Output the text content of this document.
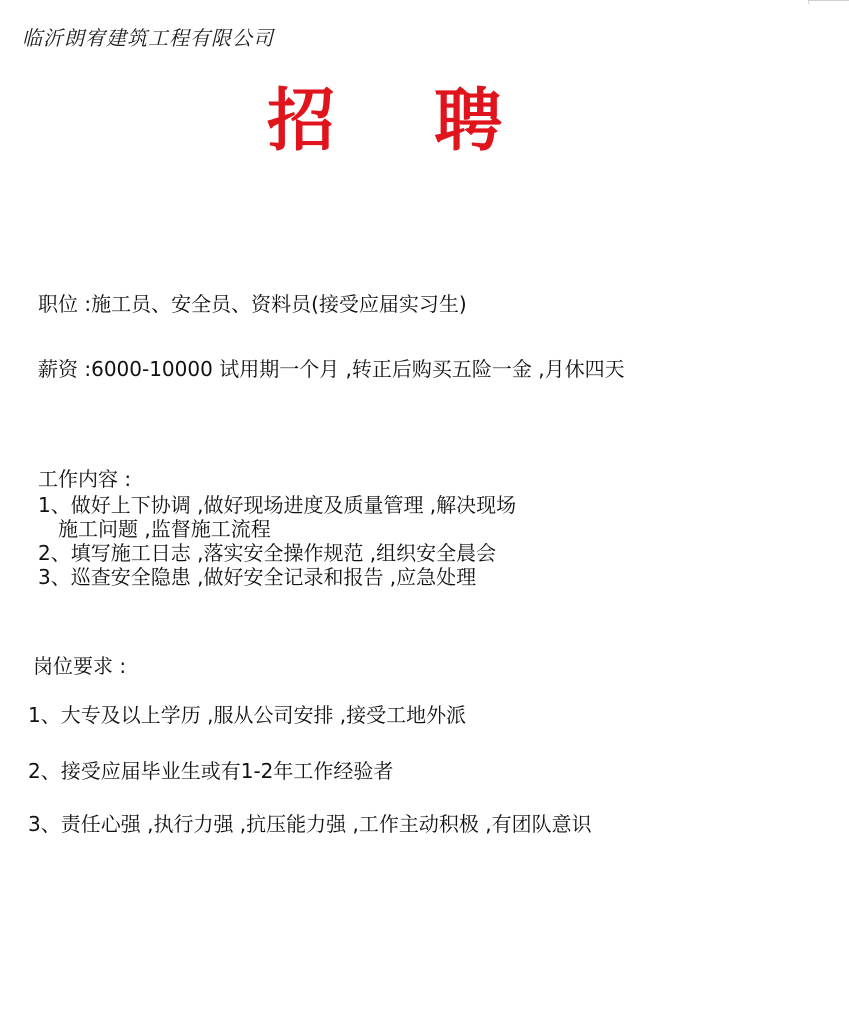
临沂朗宥建筑工程有限公司
招 聘
职位 :施工员、安全员、资料员(接受应届实习生)
薪资 :6000-10000 试用期一个月 ,转正后购买五险一金 ,月休四天
工作内容 :
1、做好上下协调 ,做好现场进度及质量管理 ,解决现场
施工问题 ,监督施工流程
2、填写施工日志 ,落实安全操作规范 ,组织安全晨会
3、巡查安全隐患 ,做好安全记录和报告 ,应急处理
岗位要求 :
1、大专及以上学历 ,服从公司安排 ,接受工地外派
2、接受应届毕业生或有1-2年工作经验者
3、责任心强 ,执行力强 ,抗压能力强 ,工作主动积极 ,有团队意识
